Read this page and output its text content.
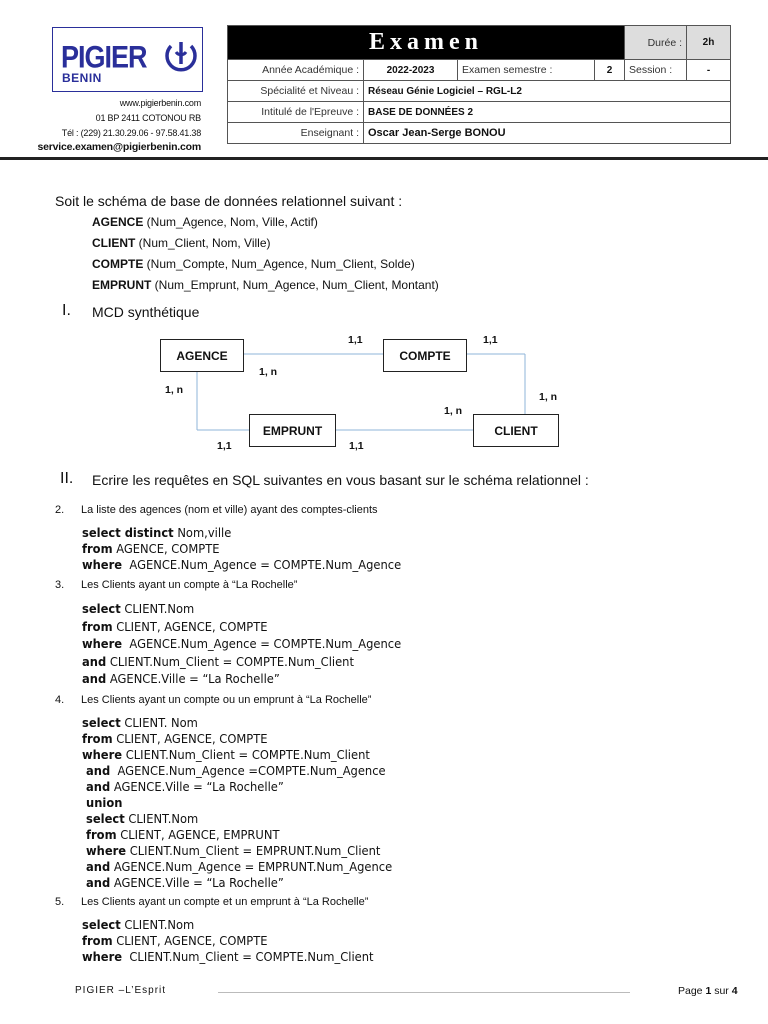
PIGIER
BENIN
www.pigierbenin.com
01 BP 2411 COTONOU RB
Tél : (229) 21.30.29.06 - 97.58.41.38
service.examen@pigierbenin.com
Examen				Durée :	2h
Année Académique :	2022-2023	Examen semestre :	2	Session :	-
Spécialité et Niveau :	Réseau Génie Logiciel – RGL-L2				
Intitulé de l'Epreuve :	BASE DE DONNÉES 2				
Enseignant :	Oscar Jean-Serge BONOU				
Soit le schéma de base de données relationnel suivant :
AGENCE (Num_Agence, Nom, Ville, Actif)
CLIENT (Num_Client, Nom, Ville)
COMPTE (Num_Compte, Num_Agence, Num_Client, Solde)
EMPRUNT (Num_Emprunt, Num_Agence, Num_Client, Montant)
I. MCD synthétique
AGENCE	COMPTE
EMPRUNT	CLIENT
1,1
1, n
1,1
1, n
1, n
1,1	1,1
1, n
II. Ecrire les requêtes en SQL suivantes en vous basant sur le schéma relationnel :
2. La liste des agences (nom et ville) ayant des comptes-clients
select distinct Nom,ville
from AGENCE, COMPTE
where  AGENCE.Num_Agence = COMPTE.Num_Agence
3. Les Clients ayant un compte à “La Rochelle”
select CLIENT.Nom
from CLIENT, AGENCE, COMPTE
where  AGENCE.Num_Agence = COMPTE.Num_Agence
and CLIENT.Num_Client = COMPTE.Num_Client
and AGENCE.Ville = “La Rochelle”
4. Les Clients ayant un compte ou un emprunt à “La Rochelle”
select CLIENT. Nom
from CLIENT, AGENCE, COMPTE
where CLIENT.Num_Client = COMPTE.Num_Client
and  AGENCE.Num_Agence =COMPTE.Num_Agence
and AGENCE.Ville = “La Rochelle”
union
select CLIENT.Nom
from CLIENT, AGENCE, EMPRUNT
where CLIENT.Num_Client = EMPRUNT.Num_Client
and AGENCE.Num_Agence = EMPRUNT.Num_Agence
and AGENCE.Ville = “La Rochelle”
5. Les Clients ayant un compte et un emprunt à “La Rochelle”
select CLIENT.Nom
from CLIENT, AGENCE, COMPTE
where  CLIENT.Num_Client = COMPTE.Num_Client
PIGIER –L’Esprit	Page 1 sur 4
